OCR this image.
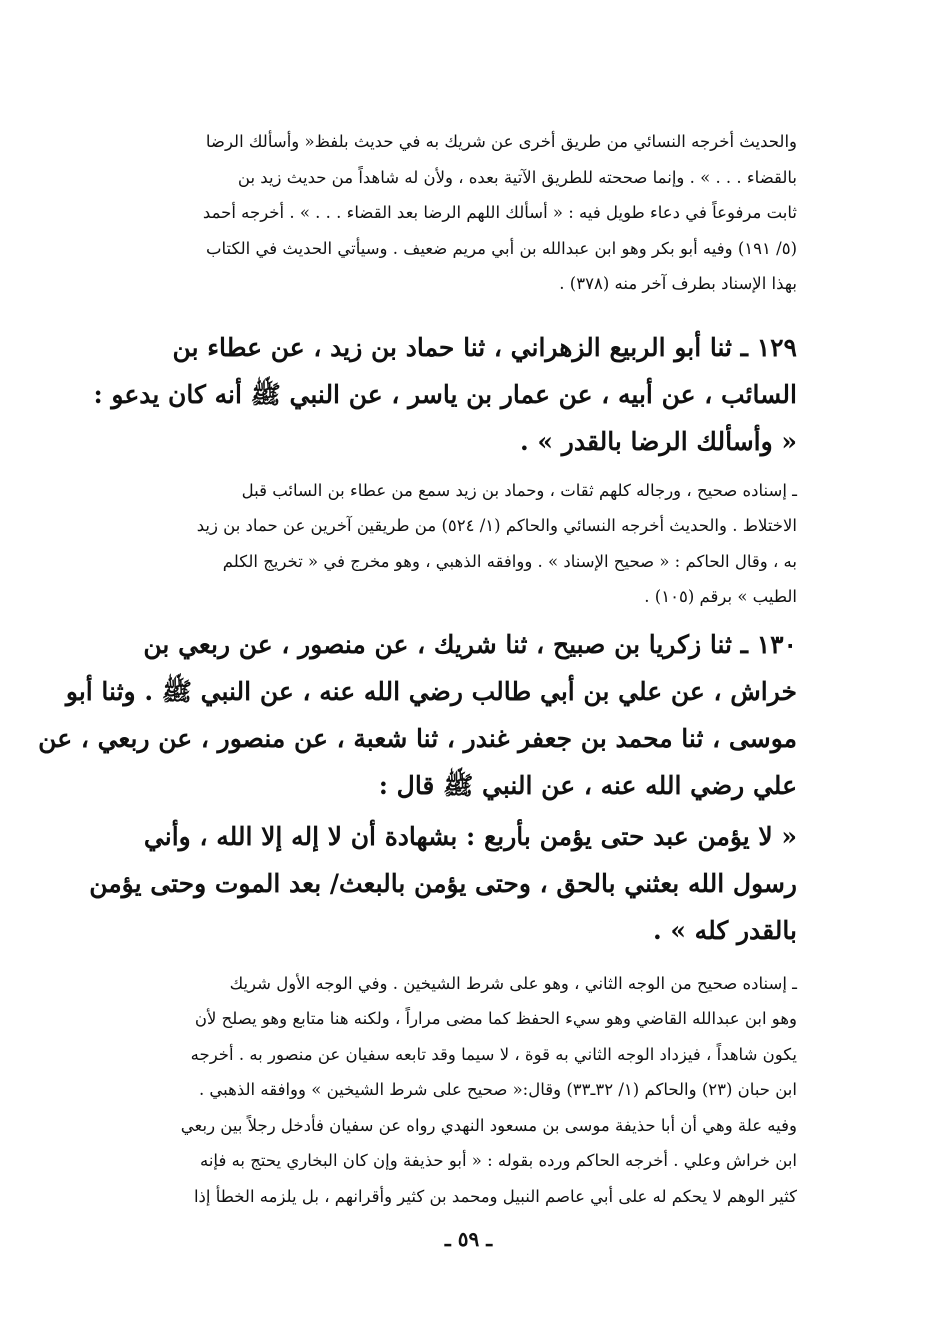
والحديث أخرجه النسائي من طريق أخرى عن شريك به في حديث بلفظ« وأسألك الرضا
بالقضاء . . . » . وإنما صححته للطريق الآتية بعده ، ولأن له شاهداً من حديث زيد بن
ثابت مرفوعاً في دعاء طويل فيه : « أسألك اللهم الرضا بعد القضاء . . . » . أخرجه أحمد
(٥/ ١٩١) وفيه أبو بكر وهو ابن عبدالله بن أبي مريم ضعيف . وسيأتي الحديث في الكتاب
بهذا الإسناد بطرف آخر منه (٣٧٨) .
١٢٩ ـ ثنا أبو الربيع الزهراني ، ثنا حماد بن زيد ، عن عطاء بن
السائب ، عن أبيه ، عن عمار بن ياسر ، عن النبي ﷺ أنه كان يدعو :
« وأسألك الرضا بالقدر » .
ـ إسناده صحيح ، ورجاله كلهم ثقات ، وحماد بن زيد سمع من عطاء بن السائب قبل
الاختلاط . والحديث أخرجه النسائي والحاكم (١/ ٥٢٤) من طريقين آخرين عن حماد بن زيد
به ، وقال الحاكم : « صحيح الإسناد » . ووافقه الذهبي ، وهو مخرج في « تخريج الكلم
الطيب » برقم (١٠٥) .
١٣٠ ـ ثنا زكريا بن صبيح ، ثنا شريك ، عن منصور ، عن ربعي بن
خراش ، عن علي بن أبي طالب رضي الله عنه ، عن النبي ﷺ . وثنا أبو
موسى ، ثنا محمد بن جعفر غندر ، ثنا شعبة ، عن منصور ، عن ربعي ، عن
علي رضي الله عنه ، عن النبي ﷺ قال :
« لا يؤمن عبد حتى يؤمن بأربع : بشهادة أن لا إله إلا الله ، وأني
رسول الله بعثني بالحق ، وحتى يؤمن بالبعث/ بعد الموت وحتى يؤمن
بالقدر كله » .
ـ إسناده صحيح من الوجه الثاني ، وهو على شرط الشيخين . وفي الوجه الأول شريك
وهو ابن عبدالله القاضي وهو سيء الحفظ كما مضى مراراً ، ولكنه هنا متابع وهو يصلح لأن
يكون شاهداً ، فيزداد الوجه الثاني به قوة ، لا سيما وقد تابعه سفيان عن منصور به . أخرجه
ابن حبان (٢٣) والحاكم (١/ ٣٢ـ٣٣) وقال:« صحيح على شرط الشيخين » ووافقه الذهبي .
وفيه علة وهي أن أبا حذيفة موسى بن مسعود النهدي رواه عن سفيان فأدخل رجلاً بين ربعي
ابن خراش وعلي . أخرجه الحاكم ورده بقوله : « أبو حذيفة وإن كان البخاري يحتج به فإنه
كثير الوهم لا يحكم له على أبي عاصم النبيل ومحمد بن كثير وأقرانهم ، بل يلزمه الخطأ إذا
ـ ٥٩ ـ
